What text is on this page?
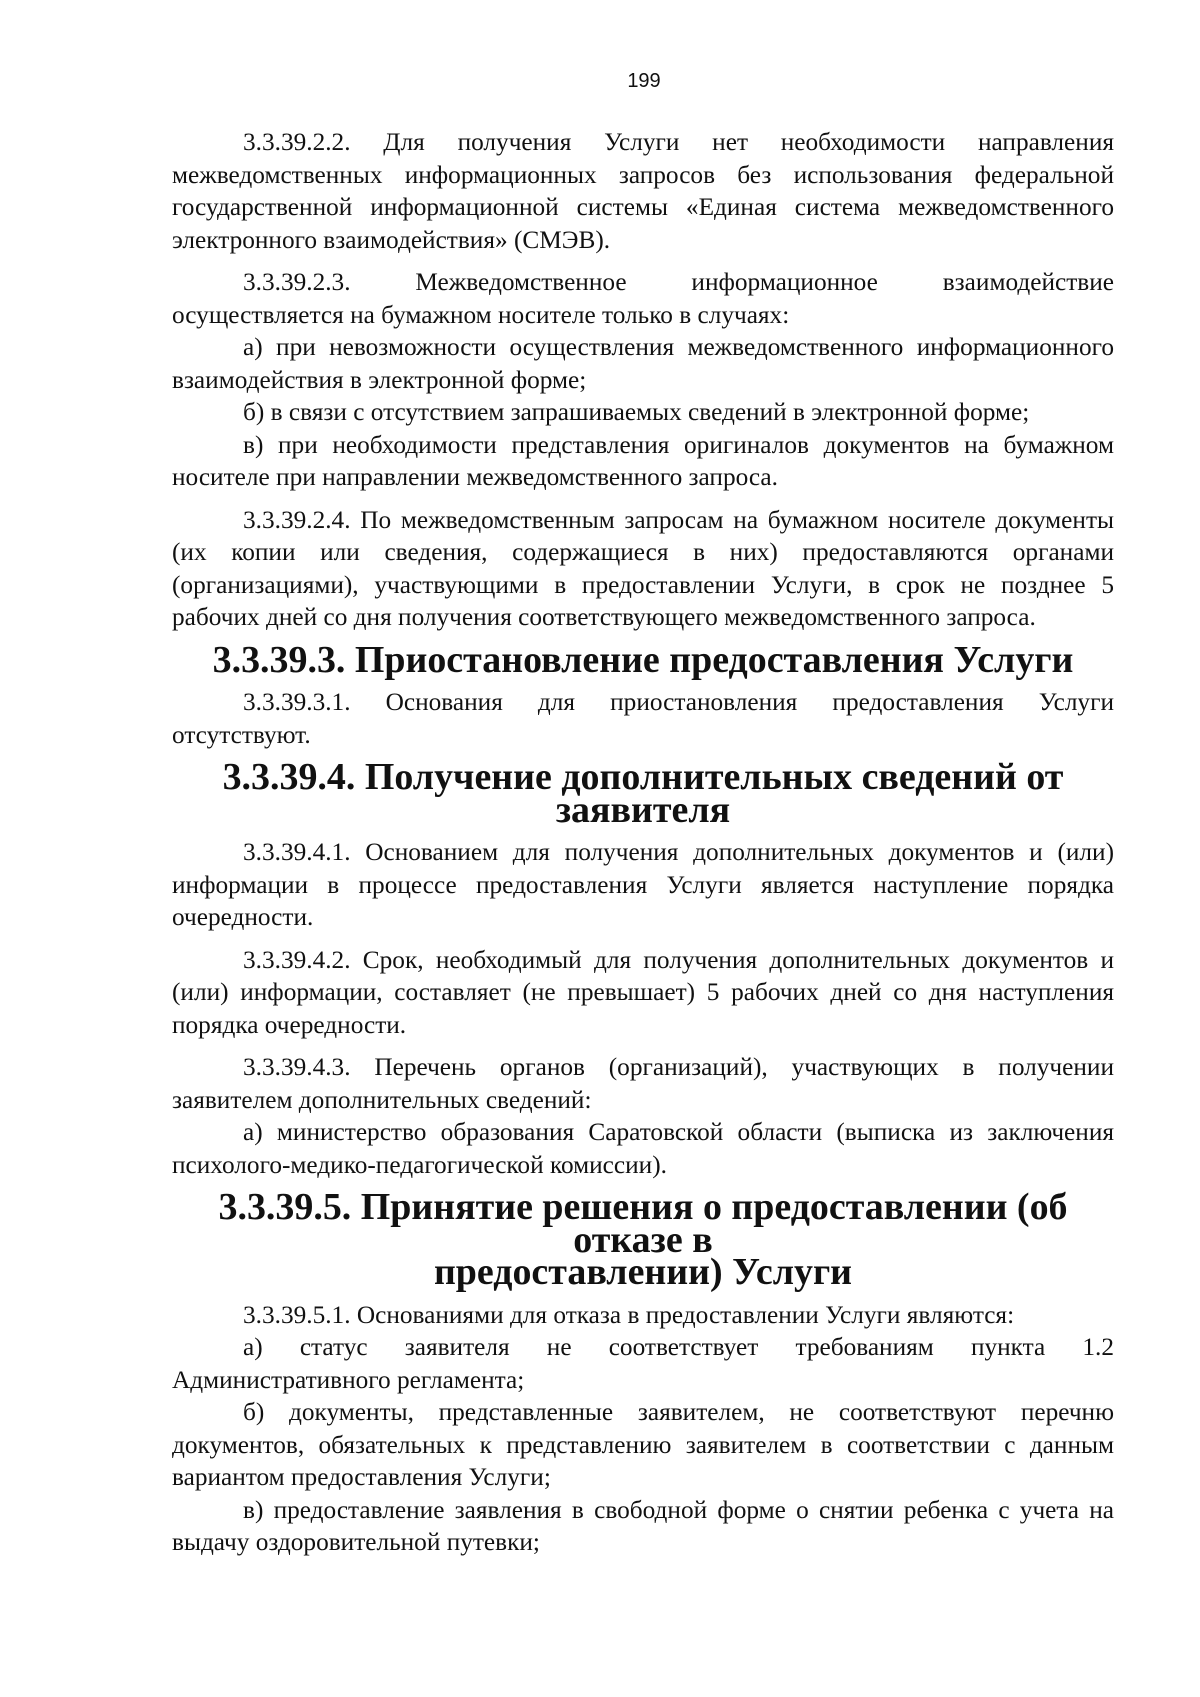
199

3.3.39.2.2. Для получения Услуги нет необходимости направления межведомственных информационных запросов без использования федеральной государственной информационной системы «Единая система межведомственного электронного взаимодействия» (СМЭВ).

3.3.39.2.3. Межведомственное информационное взаимодействие осуществляется на бумажном носителе только в случаях:

а) при невозможности осуществления межведомственного информационного взаимодействия в электронной форме;

б) в связи с отсутствием запрашиваемых сведений в электронной форме;

в) при необходимости представления оригиналов документов на бумажном носителе при направлении межведомственного запроса.

3.3.39.2.4. По межведомственным запросам на бумажном носителе документы (их копии или сведения, содержащиеся в них) предоставляются органами (организациями), участвующими в предоставлении Услуги, в срок не позднее 5 рабочих дней со дня получения соответствующего межведомственного запроса.

3.3.39.3. Приостановление предоставления Услуги

3.3.39.3.1. Основания для приостановления предоставления Услуги отсутствуют.

3.3.39.4. Получение дополнительных сведений от заявителя

3.3.39.4.1. Основанием для получения дополнительных документов и (или) информации в процессе предоставления Услуги является наступление порядка очередности.

3.3.39.4.2. Срок, необходимый для получения дополнительных документов и (или) информации, составляет (не превышает) 5 рабочих дней со дня наступления порядка очередности.

3.3.39.4.3. Перечень органов (организаций), участвующих в получении заявителем дополнительных сведений:

а) министерство образования Саратовской области (выписка из заключения психолого-медико-педагогической комиссии).

3.3.39.5. Принятие решения о предоставлении (об отказе в
предоставлении) Услуги

3.3.39.5.1. Основаниями для отказа в предоставлении Услуги являются:

а) статус заявителя не соответствует требованиям пункта 1.2 Административного регламента;

б) документы, представленные заявителем, не соответствуют перечню документов, обязательных к представлению заявителем в соответствии с данным вариантом предоставления Услуги;

в) предоставление заявления в свободной форме о снятии ребенка с учета на выдачу оздоровительной путевки;
